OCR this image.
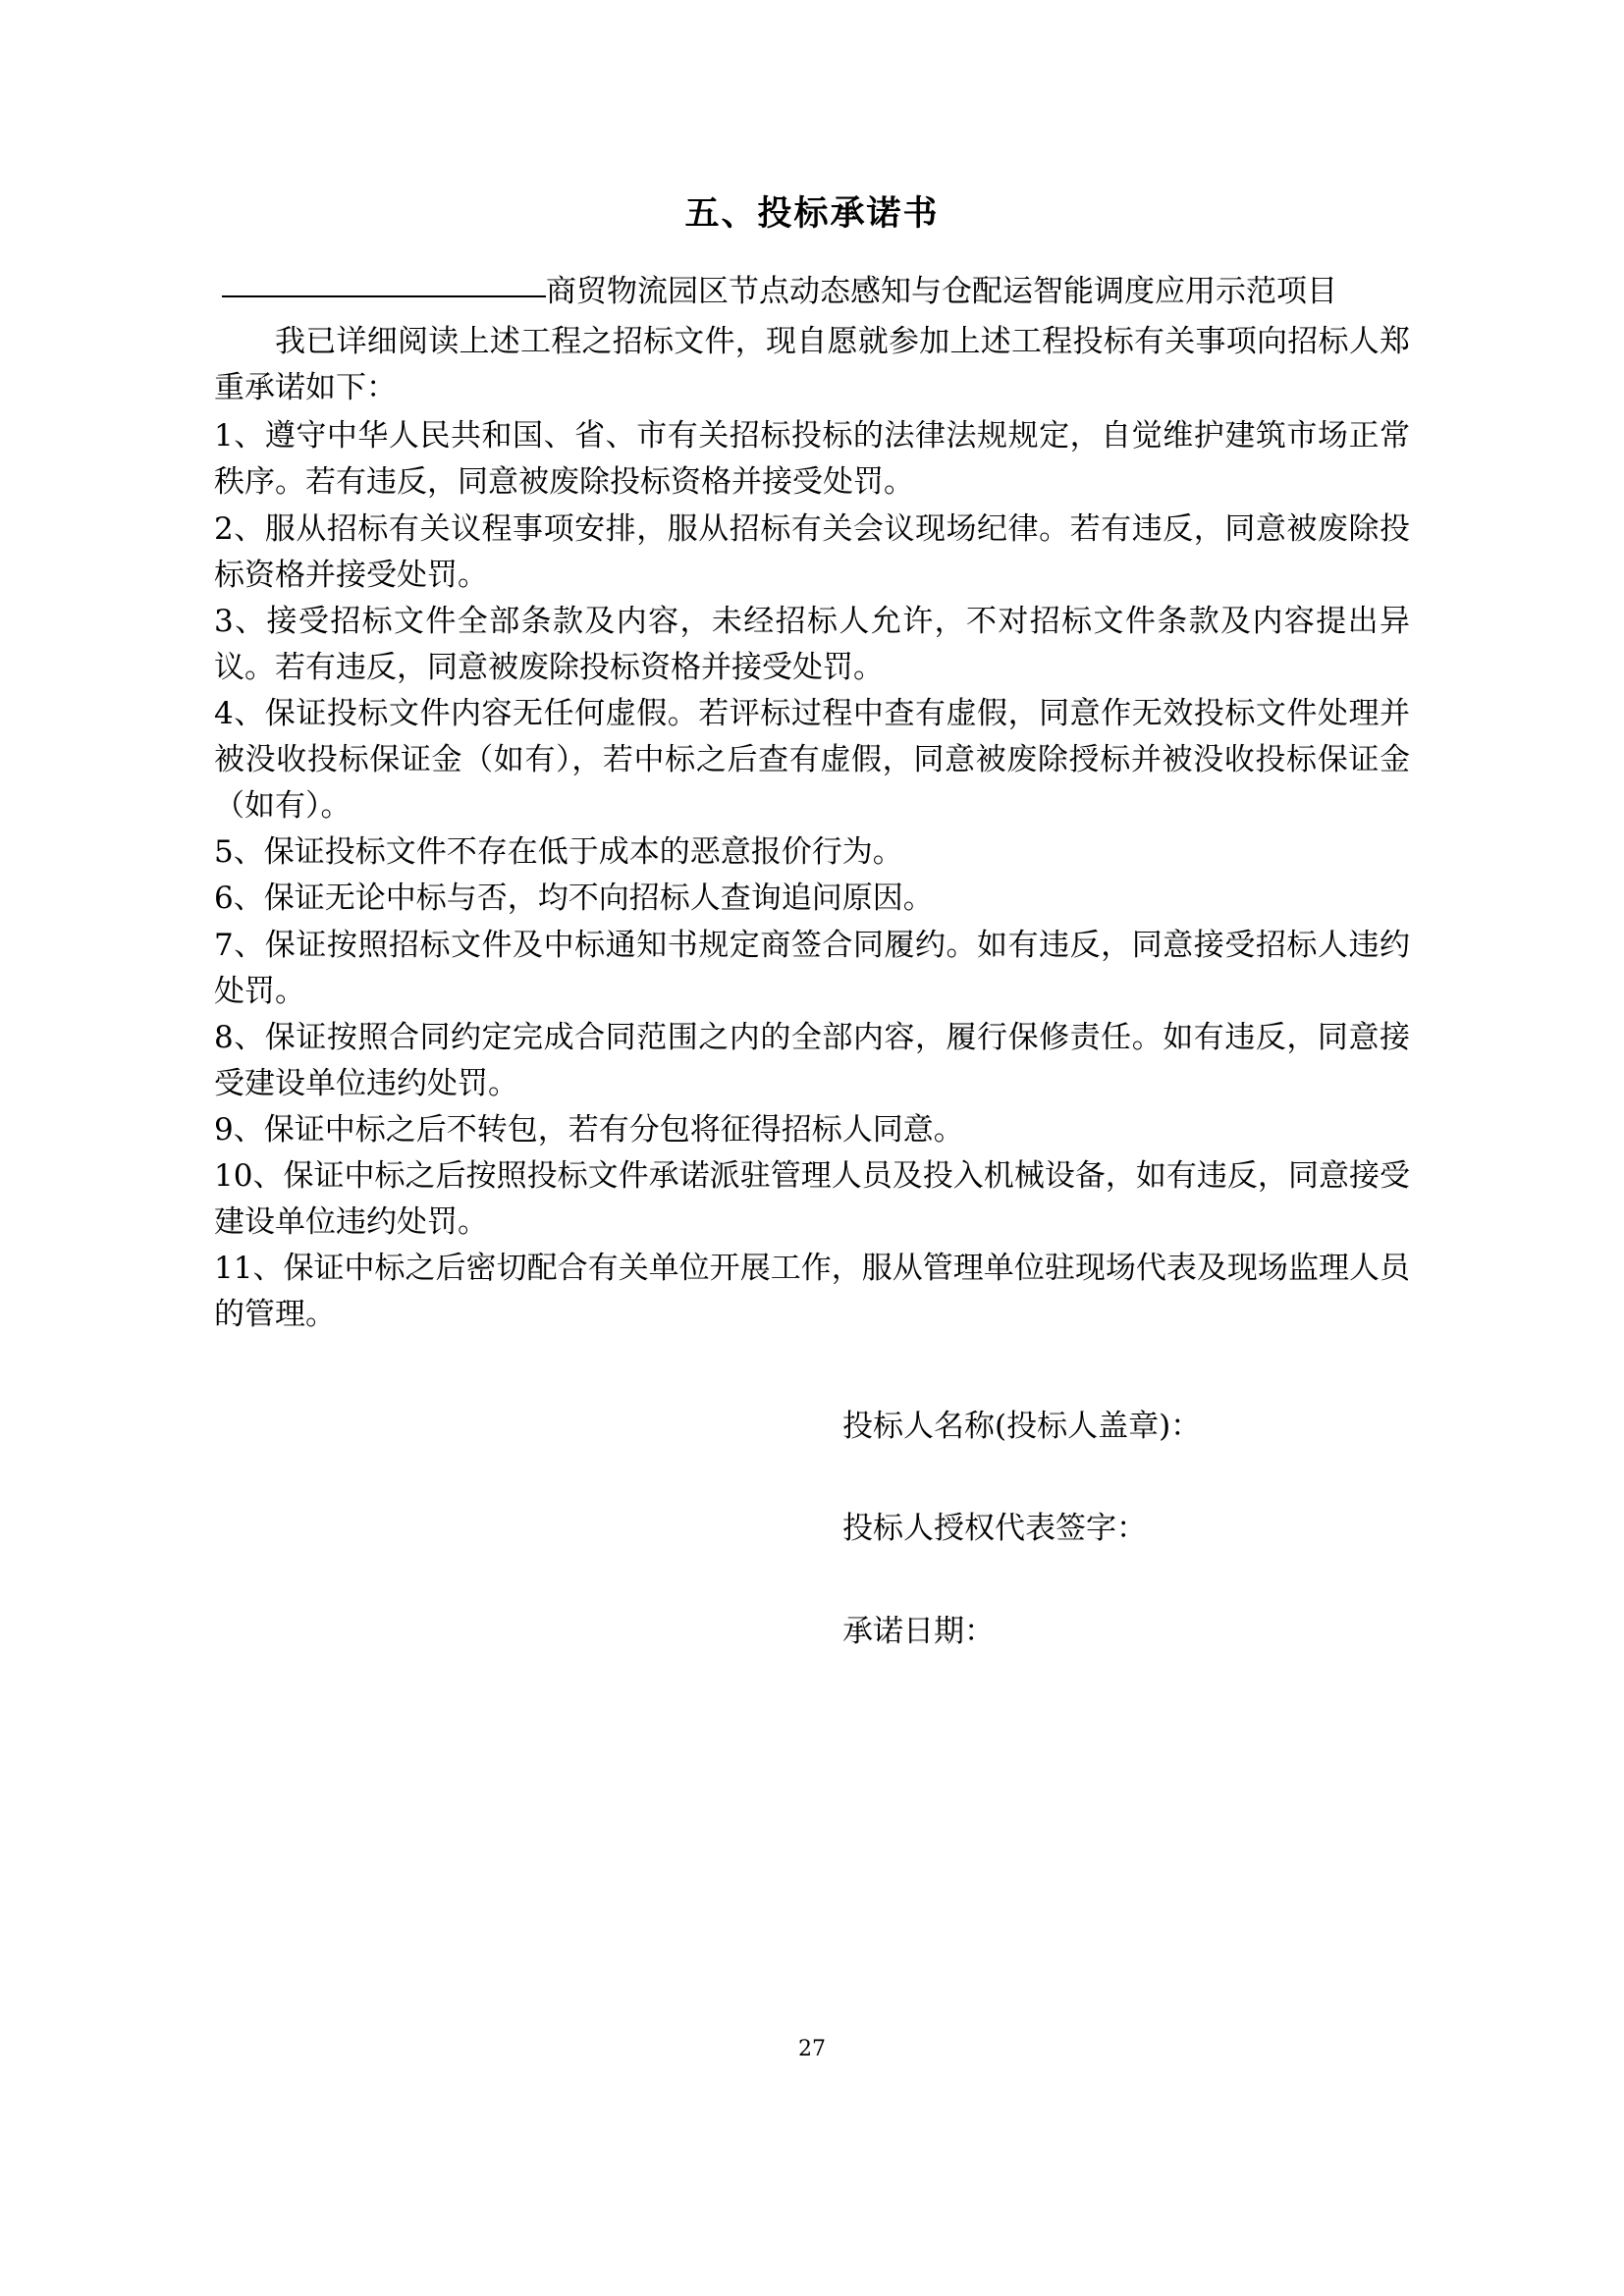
五、投标承诺书

商贸物流园区节点动态感知与仓配运智能调度应用示范项目

我已详细阅读上述工程之招标文件，现自愿就参加上述工程投标有关事项向招标人郑重承诺如下：

1、遵守中华人民共和国、省、市有关招标投标的法律法规规定，自觉维护建筑市场正常秩序。若有违反，同意被废除投标资格并接受处罚。

2、服从招标有关议程事项安排，服从招标有关会议现场纪律。若有违反，同意被废除投标资格并接受处罚。

3、接受招标文件全部条款及内容，未经招标人允许，不对招标文件条款及内容提出异议。若有违反，同意被废除投标资格并接受处罚。

4、保证投标文件内容无任何虚假。若评标过程中查有虚假，同意作无效投标文件处理并被没收投标保证金（如有），若中标之后查有虚假，同意被废除授标并被没收投标保证金（如有）。

5、保证投标文件不存在低于成本的恶意报价行为。

6、保证无论中标与否，均不向招标人查询追问原因。

7、保证按照招标文件及中标通知书规定商签合同履约。如有违反，同意接受招标人违约处罚。

8、保证按照合同约定完成合同范围之内的全部内容，履行保修责任。如有违反，同意接受建设单位违约处罚。

9、保证中标之后不转包，若有分包将征得招标人同意。

10、保证中标之后按照投标文件承诺派驻管理人员及投入机械设备，如有违反，同意接受建设单位违约处罚。

11、保证中标之后密切配合有关单位开展工作，服从管理单位驻现场代表及现场监理人员的管理。

投标人名称(投标人盖章)：

投标人授权代表签字：

承诺日期：

27
